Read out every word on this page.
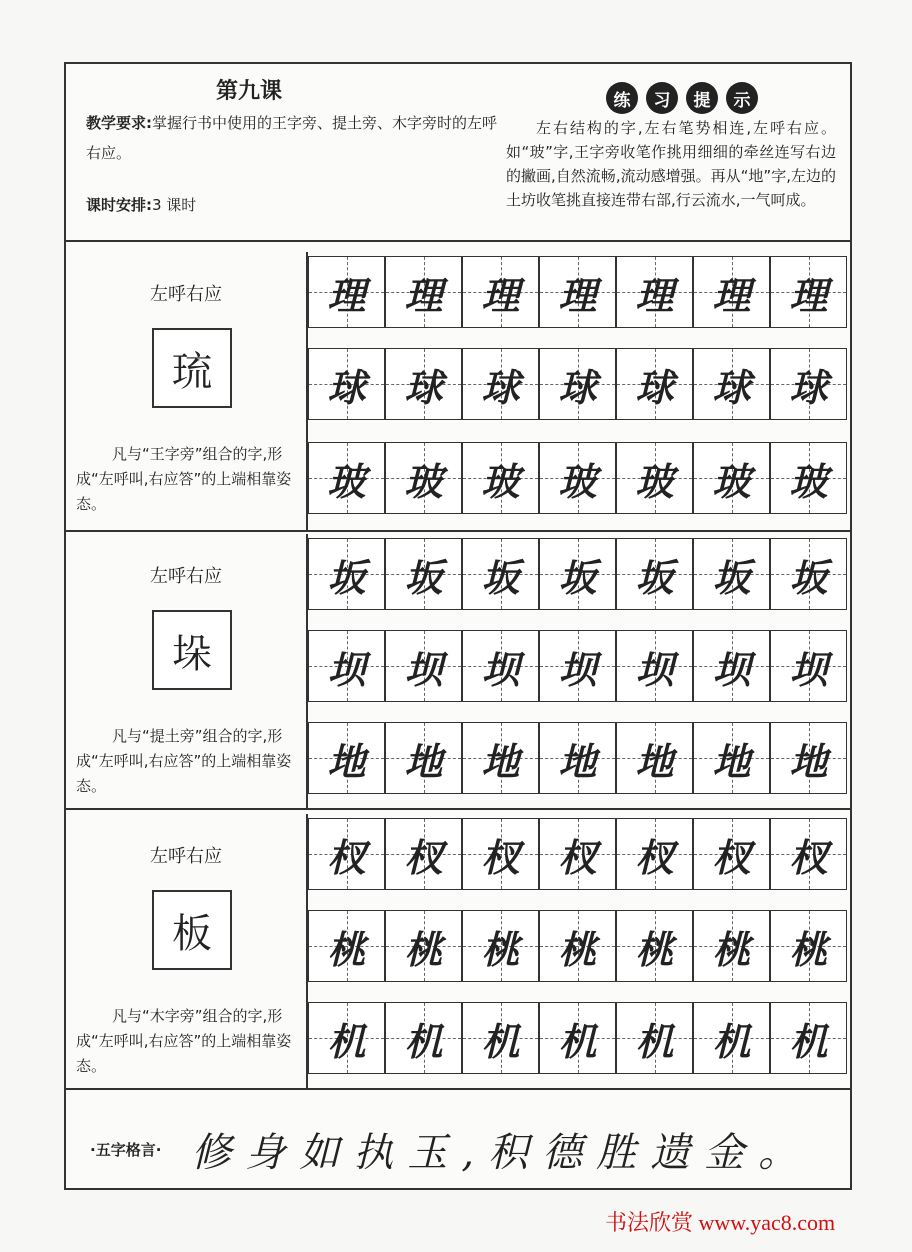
第九课
教学要求:掌握行书中使用的王字旁、提土旁、木字旁时的左呼右应。
课时安排:3 课时
练	习	提	示
左右结构的字,左右笔势相连,左呼右应。如“玻”字,王字旁收笔作挑用细细的牵丝连写右边的撇画,自然流畅,流动感增强。再从“地”字,左边的土坊收笔挑直接连带右部,行云流水,一气呵成。
左呼右应
琉
凡与“王字旁”组合的字,形成“左呼叫,右应答”的上端相靠姿态。
理 理 理 理 理 理 理
球 球 球 球 球 球 球
玻 玻 玻 玻 玻 玻 玻
左呼右应
垛
凡与“提土旁”组合的字,形成“左呼叫,右应答”的上端相靠姿态。
坂 坂 坂 坂 坂 坂 坂
坝 坝 坝 坝 坝 坝 坝
地 地 地 地 地 地 地
左呼右应
板
凡与“木字旁”组合的字,形成“左呼叫,右应答”的上端相靠姿态。
杈 杈 杈 杈 杈 杈 杈
桃 桃 桃 桃 桃 桃 桃
机 机 机 机 机 机 机
·五字格言· 修身如执玉,积德胜遗金。
书法欣赏 www.yac8.com
